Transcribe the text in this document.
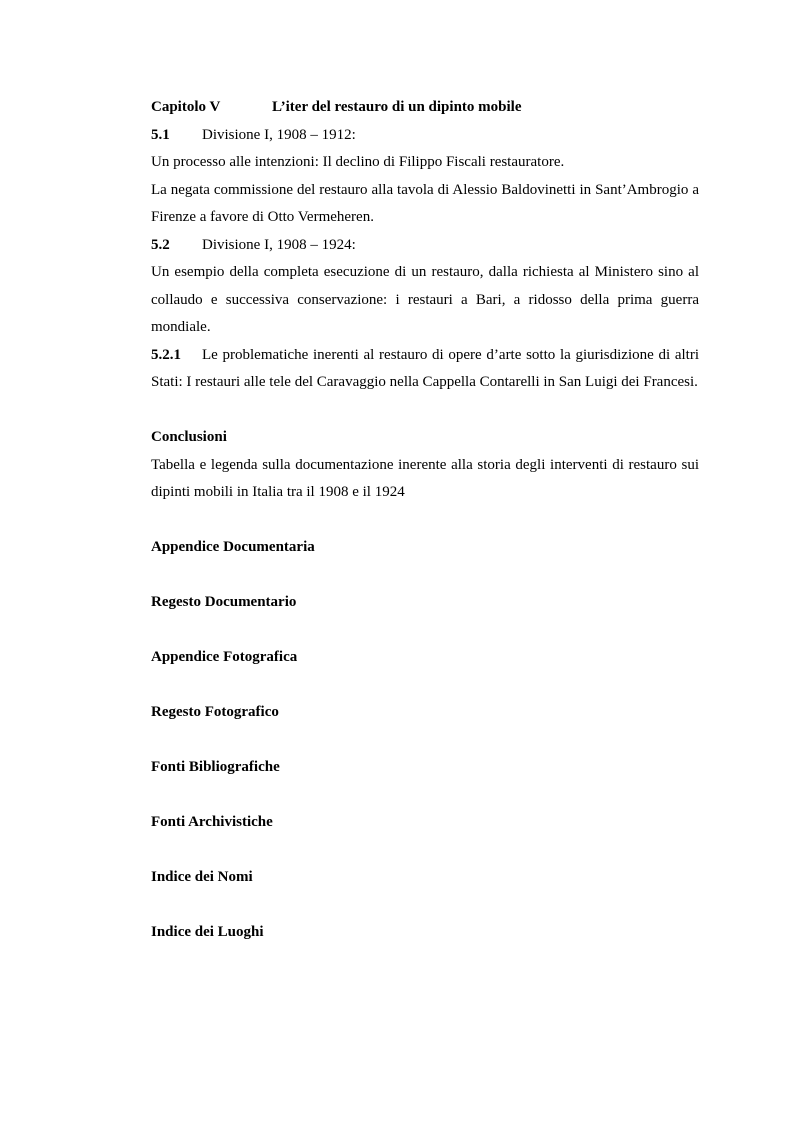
Capitolo V	L’iter del restauro di un dipinto mobile
5.1	Divisione I, 1908 – 1912:

Un processo alle intenzioni: Il declino di Filippo Fiscali restauratore.

La negata commissione del restauro alla tavola di Alessio Baldovinetti in Sant’Ambrogio a Firenze a favore di Otto Vermeheren.

5.2	Divisione I, 1908 – 1924:

Un esempio della completa esecuzione di un restauro, dalla richiesta al Ministero sino al collaudo e successiva conservazione: i restauri a Bari, a ridosso della prima guerra mondiale.

5.2.1 Le problematiche inerenti al restauro di opere d’arte sotto la giurisdizione di altri Stati: I restauri alle tele del Caravaggio nella Cappella Contarelli in San Luigi dei Francesi.

Conclusioni

Tabella e legenda sulla documentazione inerente alla storia degli interventi di restauro sui dipinti mobili in Italia tra il 1908 e il 1924

Appendice Documentaria

Regesto Documentario

Appendice Fotografica

Regesto Fotografico

Fonti Bibliografiche

Fonti Archivistiche

Indice dei Nomi

Indice dei Luoghi
